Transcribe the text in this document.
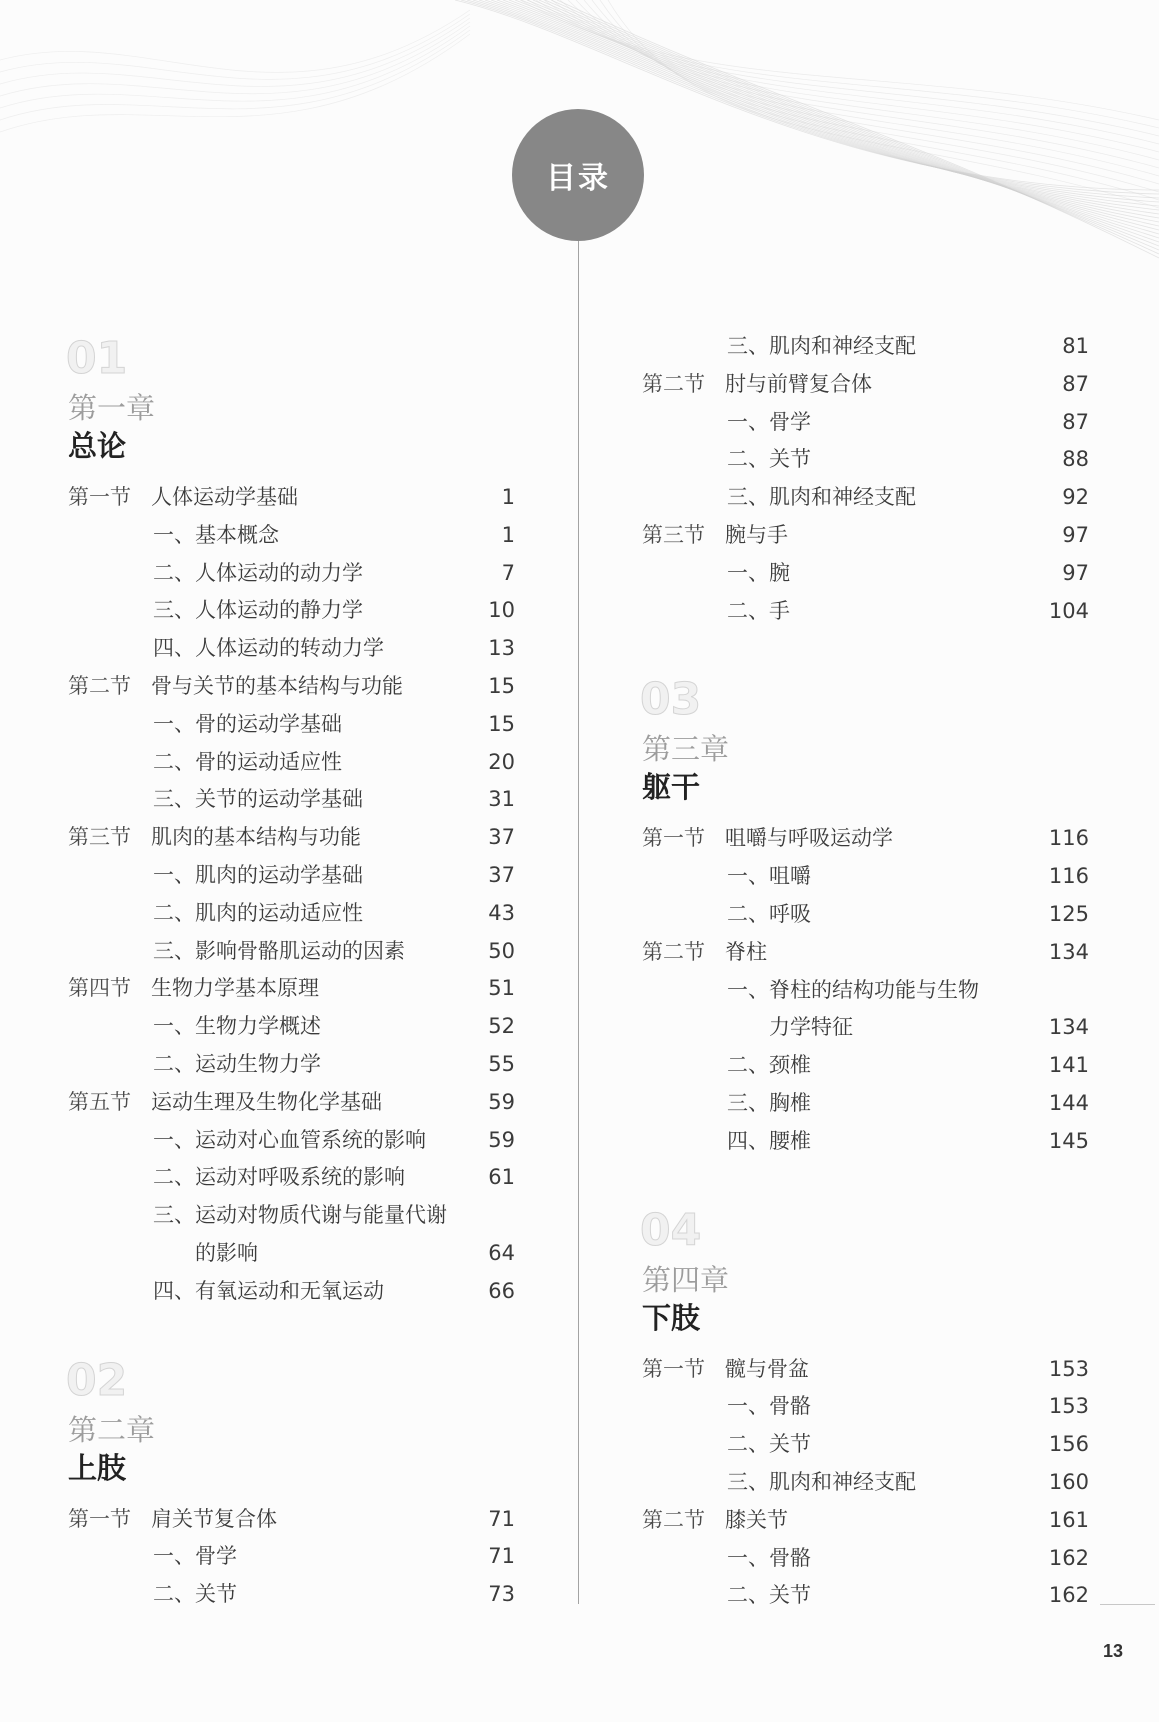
目录
01
第一章
总论
第一节 人体运动学基础	1
一、基本概念	1
二、人体运动的动力学	7
三、人体运动的静力学	10
四、人体运动的转动力学	13
第二节 骨与关节的基本结构与功能	15
一、骨的运动学基础	15
二、骨的运动适应性	20
三、关节的运动学基础	31
第三节 肌肉的基本结构与功能	37
一、肌肉的运动学基础	37
二、肌肉的运动适应性	43
三、影响骨骼肌运动的因素	50
第四节 生物力学基本原理	51
一、生物力学概述	52
二、运动生物力学	55
第五节 运动生理及生物化学基础	59
一、运动对心血管系统的影响	59
二、运动对呼吸系统的影响	61
三、运动对物质代谢与能量代谢
的影响	64
四、有氧运动和无氧运动	66
02
第二章
上肢
第一节 肩关节复合体	71
一、骨学	71
二、关节	73
三、肌肉和神经支配	81
第二节 肘与前臂复合体	87
一、骨学	87
二、关节	88
三、肌肉和神经支配	92
第三节 腕与手	97
一、腕	97
二、手	104
03
第三章
躯干
第一节 咀嚼与呼吸运动学	116
一、咀嚼	116
二、呼吸	125
第二节 脊柱	134
一、脊柱的结构功能与生物
力学特征	134
二、颈椎	141
三、胸椎	144
四、腰椎	145
04
第四章
下肢
第一节 髋与骨盆	153
一、骨骼	153
二、关节	156
三、肌肉和神经支配	160
第二节 膝关节	161
一、骨骼	162
二、关节	162
13
